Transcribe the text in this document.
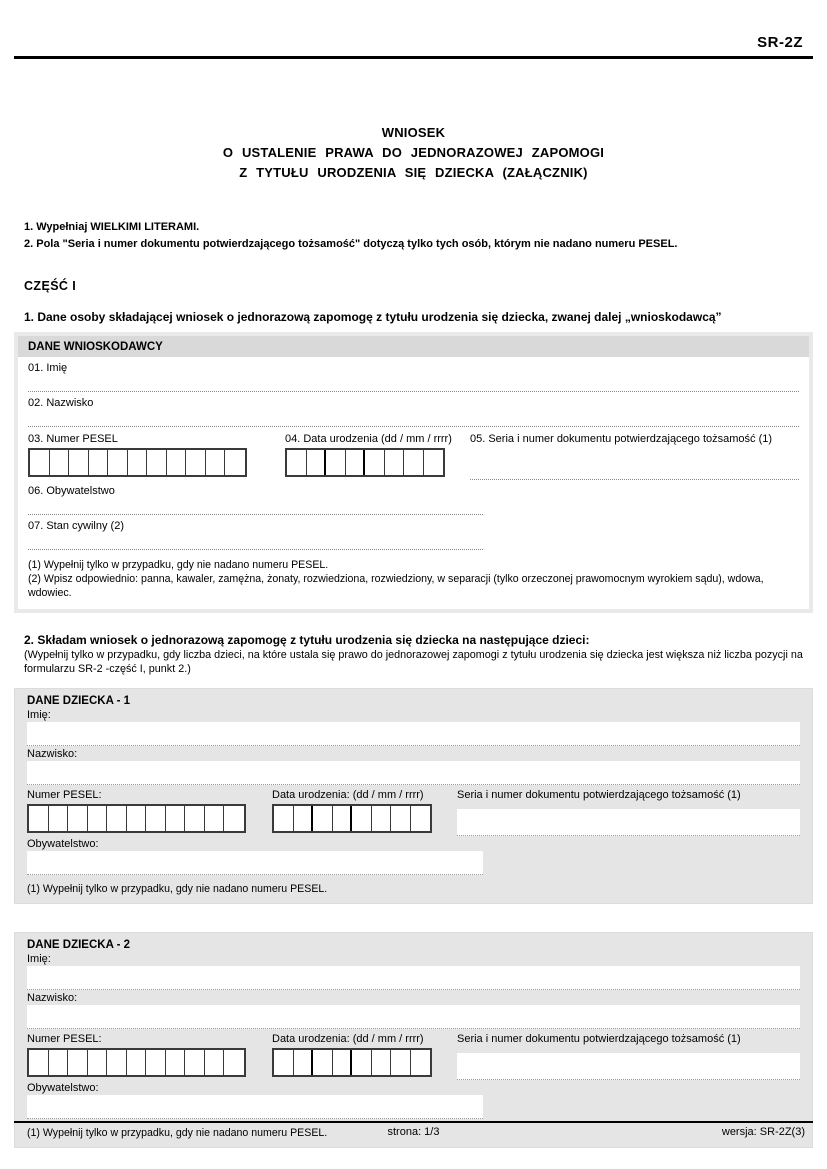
SR-2Z
WNIOSEK
O USTALENIE PRAWA DO JEDNORAZOWEJ ZAPOMOGI
Z TYTUŁU URODZENIA SIĘ DZIECKA (ZAŁĄCZNIK)
1. Wypełniaj WIELKIMI LITERAMI.
2. Pola "Seria i numer dokumentu potwierdzającego tożsamość" dotyczą tylko tych osób, którym nie nadano numeru PESEL.
CZĘŚĆ I
1. Dane osoby składającej wniosek o jednorazową zapomogę z tytułu urodzenia się dziecka, zwanej dalej „wnioskodawcą”
DANE WNIOSKODAWCY
01. Imię
02. Nazwisko
03. Numer PESEL	04. Data urodzenia (dd / mm / rrrr)	05. Seria i numer dokumentu potwierdzającego tożsamość (1)
06. Obywatelstwo
07. Stan cywilny (2)
(1) Wypełnij tylko w przypadku, gdy nie nadano numeru PESEL.
(2) Wpisz odpowiednio: panna, kawaler, zamężna, żonaty, rozwiedziona, rozwiedziony, w separacji (tylko orzeczonej prawomocnym wyrokiem sądu), wdowa, wdowiec.
2. Składam wniosek o jednorazową zapomogę z tytułu urodzenia się dziecka na następujące dzieci:
(Wypełnij tylko w przypadku, gdy liczba dzieci, na które ustala się prawo do jednorazowej zapomogi z tytułu urodzenia się dziecka jest większa niż liczba pozycji na formularzu SR-2 -część I, punkt 2.)
DANE DZIECKA - 1
Imię:
Nazwisko:
Numer PESEL:	Data urodzenia: (dd / mm / rrrr)	Seria i numer dokumentu potwierdzającego tożsamość (1)
Obywatelstwo:
(1) Wypełnij tylko w przypadku, gdy nie nadano numeru PESEL.
DANE DZIECKA - 2
Imię:
Nazwisko:
Numer PESEL:	Data urodzenia: (dd / mm / rrrr)	Seria i numer dokumentu potwierdzającego tożsamość (1)
Obywatelstwo:
(1) Wypełnij tylko w przypadku, gdy nie nadano numeru PESEL.	strona: 1/3	wersja: SR-2Z(3)
